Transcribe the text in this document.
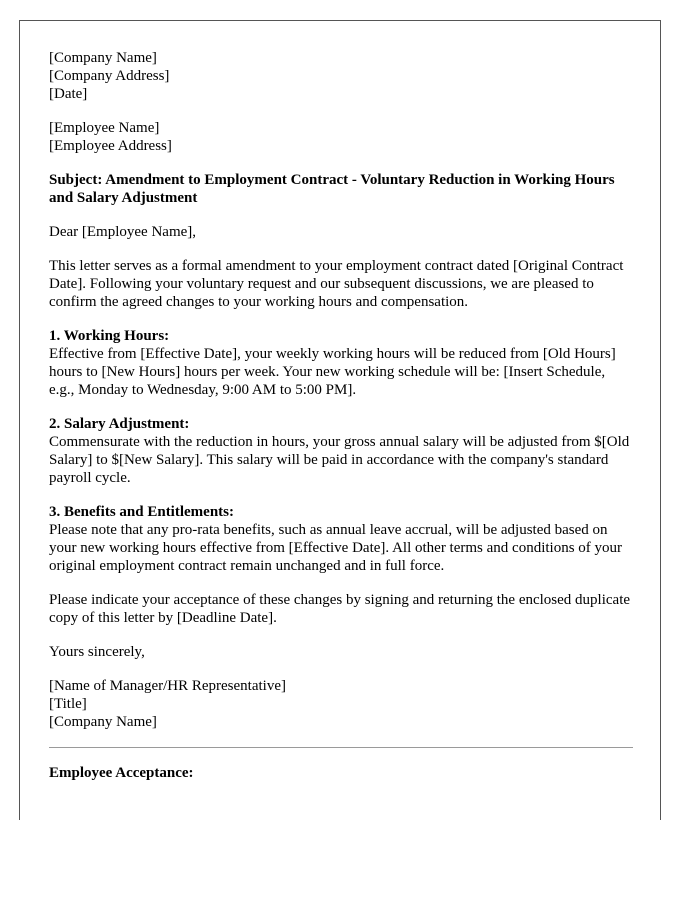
[Company Name]
[Company Address]
[Date]
[Employee Name]
[Employee Address]

Subject: Amendment to Employment Contract - Voluntary Reduction in Working Hours and Salary Adjustment

Dear [Employee Name],

This letter serves as a formal amendment to your employment contract dated [Original Contract Date]. Following your voluntary request and our subsequent discussions, we are pleased to confirm the agreed changes to your working hours and compensation.

1. Working Hours:

Effective from [Effective Date], your weekly working hours will be reduced from [Old Hours] hours to [New Hours] hours per week. Your new working schedule will be: [Insert Schedule, e.g., Monday to Wednesday, 9:00 AM to 5:00 PM].

2. Salary Adjustment:

Commensurate with the reduction in hours, your gross annual salary will be adjusted from $[Old Salary] to $[New Salary]. This salary will be paid in accordance with the company's standard payroll cycle.

3. Benefits and Entitlements:

Please note that any pro-rata benefits, such as annual leave accrual, will be adjusted based on your new working hours effective from [Effective Date]. All other terms and conditions of your original employment contract remain unchanged and in full force.

Please indicate your acceptance of these changes by signing and returning the enclosed duplicate copy of this letter by [Deadline Date].

Yours sincerely,

[Name of Manager/HR Representative]
[Title]
[Company Name]

Employee Acceptance:
